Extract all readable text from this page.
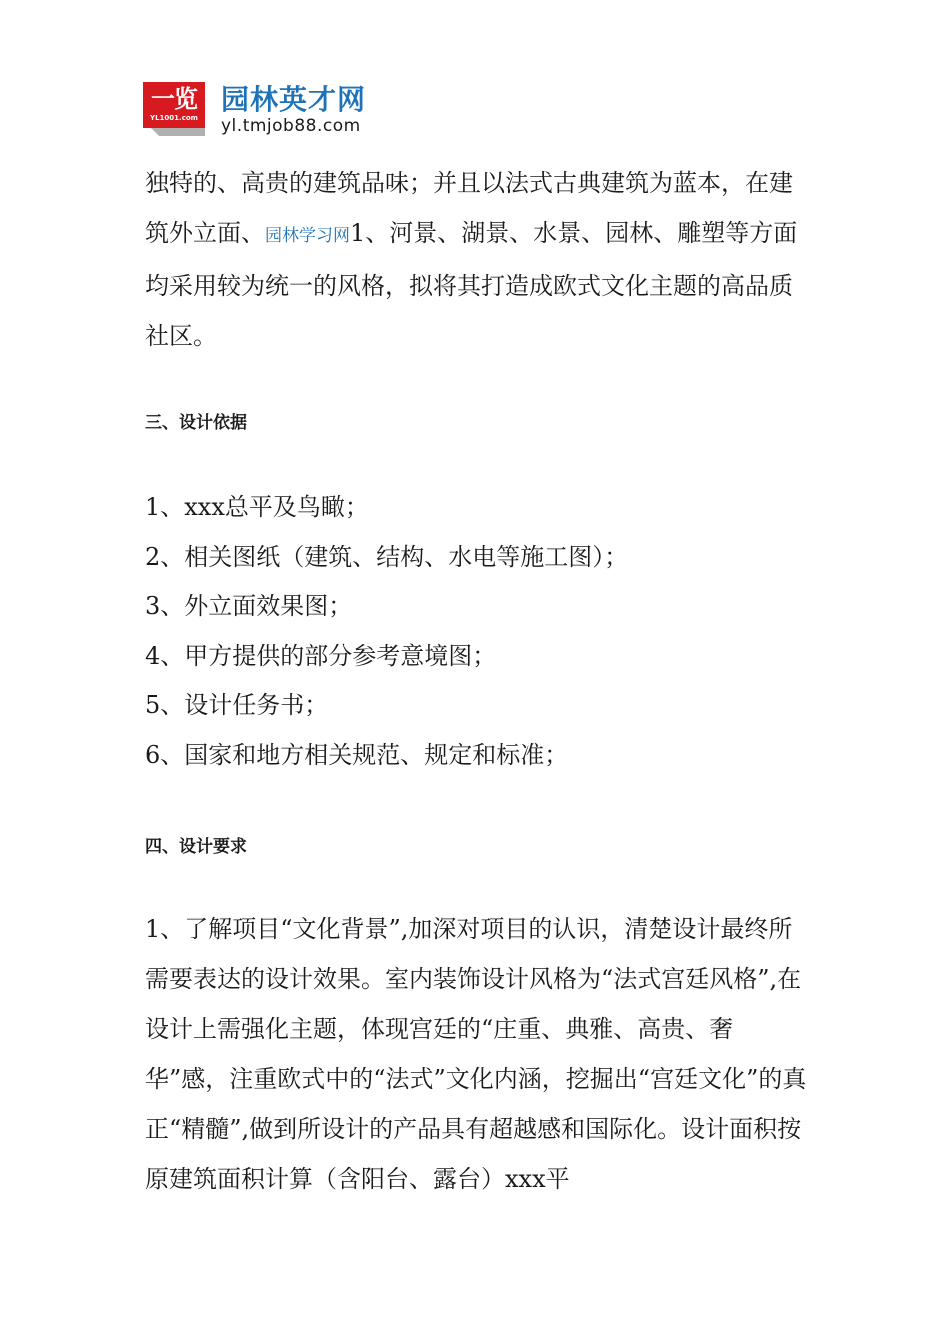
一览
YL1001.com
园林英才网
yl.tmjob88.com

独特的、高贵的建筑品味；并且以法式古典建筑为蓝本，在建筑外立面、园林学习网1、河景、湖景、水景、园林、雕塑等方面均采用较为统一的风格，拟将其打造成欧式文化主题的高品质社区。

三、设计依据
1、xxx总平及鸟瞰；
2、相关图纸（建筑、结构、水电等施工图）；
3、外立面效果图；
4、甲方提供的部分参考意境图；
5、设计任务书；
6、国家和地方相关规范、规定和标准；
四、设计要求

1、了解项目“文化背景”,加深对项目的认识，清楚设计最终所需要表达的设计效果。室内装饰设计风格为“法式宫廷风格”,在设计上需强化主题，体现宫廷的“庄重、典雅、高贵、奢华”感，注重欧式中的“法式”文化内涵，挖掘出“宫廷文化”的真正“精髓”,做到所设计的产品具有超越感和国际化。设计面积按原建筑面积计算（含阳台、露台）xxx平
